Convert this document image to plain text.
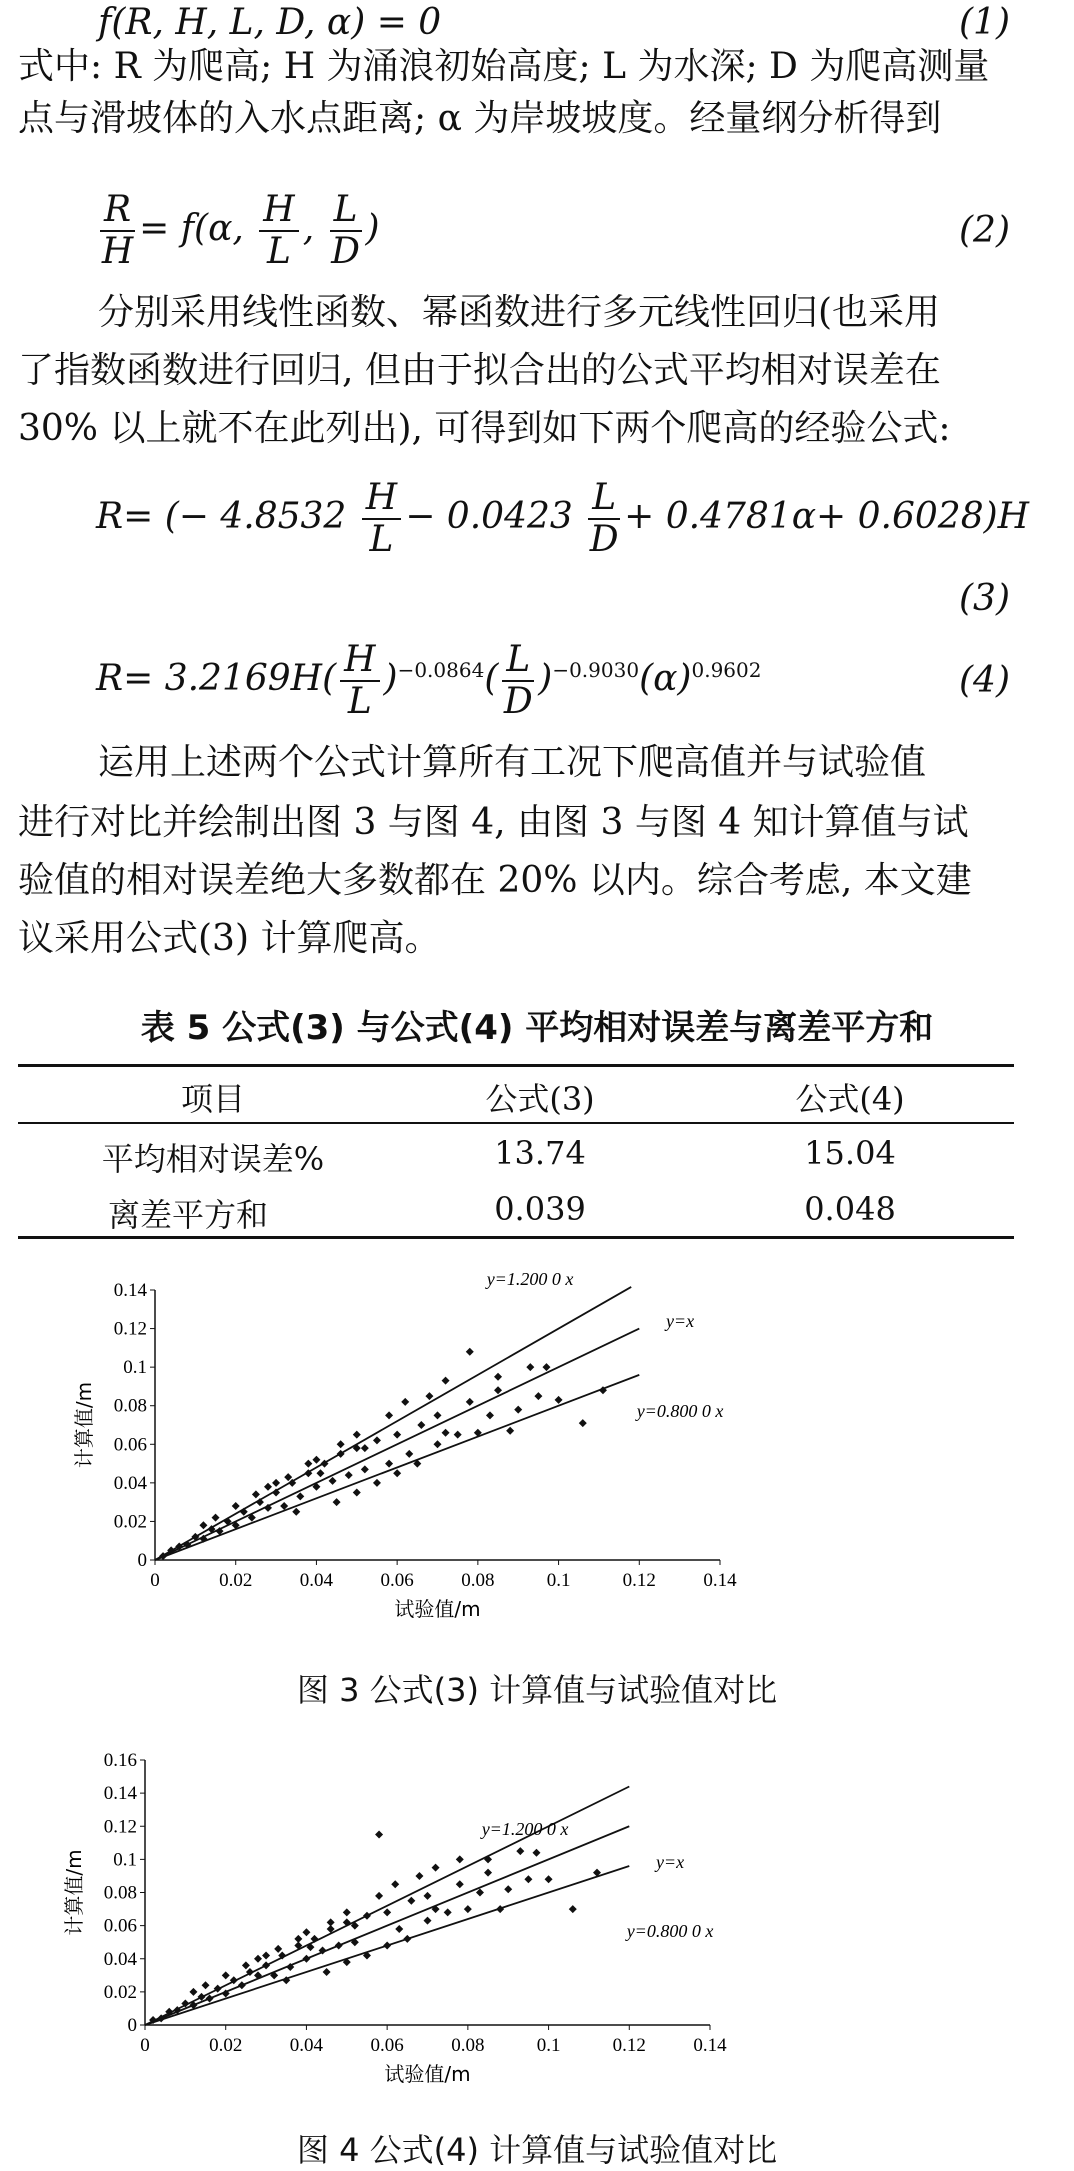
f(R, H, L, D, α) = 0	(1)
式中: R 为爬高; H 为涌浪初始高度; L 为水深; D 为爬高测量
点与滑坡体的入水点距离; α 为岸坡坡度。经量纲分析得到
$\frac{R}{H} = f(\alpha$, $\frac{H}{L}$ , $\frac{L}{D}$ )	(2)
分别采用线性函数、幂函数进行多元线性回归(也采用
了指数函数进行回归, 但由于拟合出的公式平均相对误差在
30% 以上就不在此列出), 可得到如下两个爬高的经验公式:
R= (− $4.8532 \frac{H}{L} - 0.0423 \frac{L}{D} + 0.4781\alpha+ 0.6028)H$
(3)
$R= 3.2169H( \frac{H}{L} )^{-0.0864}( \frac{L}{D} )^{-0.9030}(\alpha)^{0.9602}$	(4)
运用上述两个公式计算所有工况下爬高值并与试验值
进行对比并绘制出图 3 与图 4, 由图 3 与图 4 知计算值与试
验值的相对误差绝大多数都在 20% 以内。综合考虑, 本文建
议采用公式(3) 计算爬高。
表 5 公式(3) 与公式(4) 平均相对误差与离差平方和
项目	公式(3)	公式(4)
平均相对误差%	13.74	15.04
离差平方和	0.039	0.048
0	0.02 0.04 0.06 0.08	0.1	0.12 0.14
0
0.02
0.04
0.06
0.08
0.1
0.12
0.14
试验值/m
计算值/m
y=1.200 0 x
y=x
y=0.800 0 x
图 3 公式(3) 计算值与试验值对比
0	0.02 0.04 0.06 0.08	0.1	0.12 0.14
0
0.02
0.04
0.06
0.08
0.1
0.12
0.14
0.16
试验值/m
计算值/m
y=1.200 0 x
y=x
y=0.800 0 x
图 4 公式(4) 计算值与试验值对比
